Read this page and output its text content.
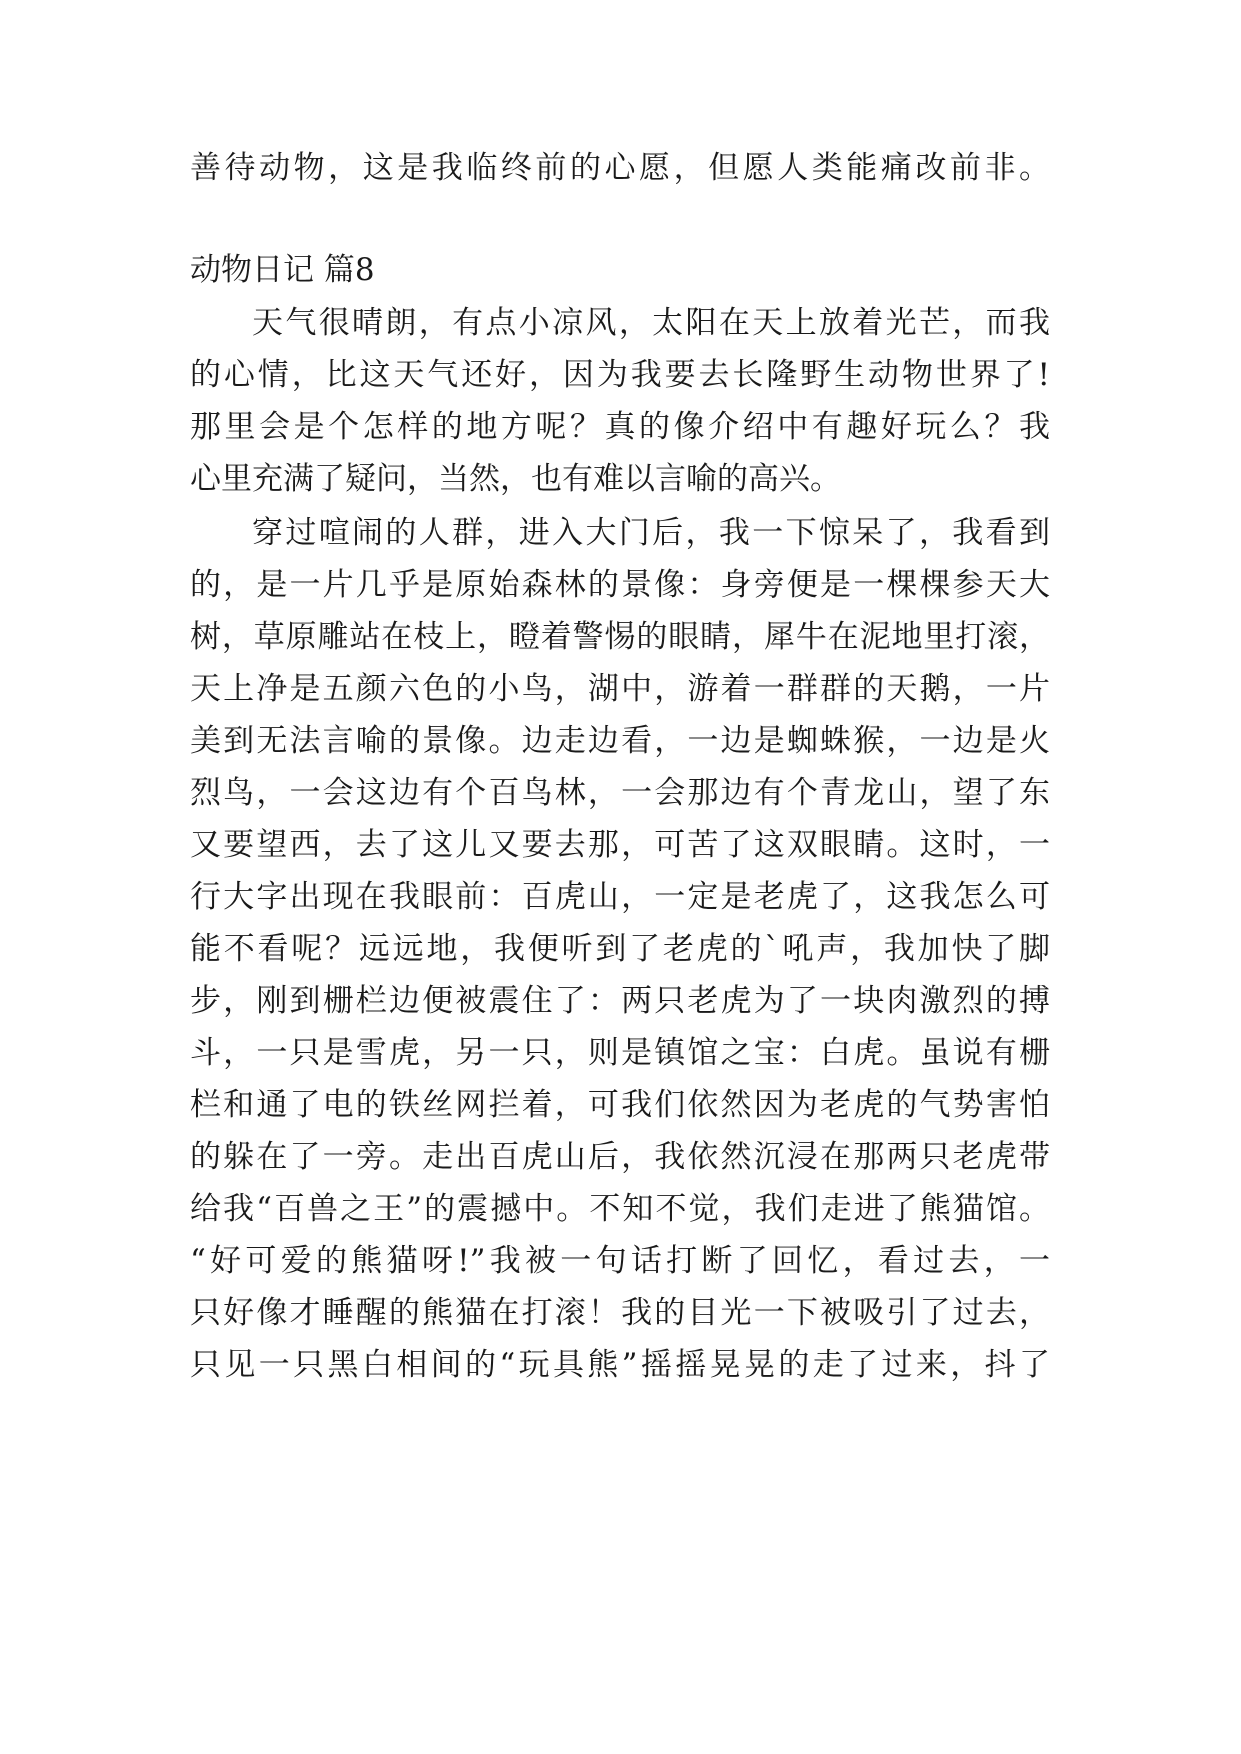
善待动物，这是我临终前的心愿，但愿人类能痛改前非。
动物日记 篇8
天气很晴朗，有点小凉风，太阳在天上放着光芒，而我
的心情，比这天气还好，因为我要去长隆野生动物世界了!
那里会是个怎样的地方呢？真的像介绍中有趣好玩么？我
心里充满了疑问，当然，也有难以言喻的高兴。
穿过喧闹的人群，进入大门后，我一下惊呆了，我看到
的，是一片几乎是原始森林的景像：身旁便是一棵棵参天大
树，草原雕站在枝上，瞪着警惕的眼睛，犀牛在泥地里打滚，
天上净是五颜六色的小鸟，湖中，游着一群群的天鹅，一片
美到无法言喻的景像。边走边看，一边是蜘蛛猴，一边是火
烈鸟，一会这边有个百鸟林，一会那边有个青龙山，望了东
又要望西，去了这儿又要去那，可苦了这双眼睛。这时，一
行大字出现在我眼前：百虎山，一定是老虎了，这我怎么可
能不看呢？远远地，我便听到了老虎的`吼声，我加快了脚
步，刚到栅栏边便被震住了：两只老虎为了一块肉激烈的搏
斗，一只是雪虎，另一只，则是镇馆之宝：白虎。虽说有栅
栏和通了电的铁丝网拦着，可我们依然因为老虎的气势害怕
的躲在了一旁。走出百虎山后，我依然沉浸在那两只老虎带
给我“百兽之王”的震撼中。不知不觉，我们走进了熊猫馆。
“好可爱的熊猫呀!”我被一句话打断了回忆，看过去，一
只好像才睡醒的熊猫在打滚！我的目光一下被吸引了过去，
只见一只黑白相间的“玩具熊”摇摇晃晃的走了过来，抖了
